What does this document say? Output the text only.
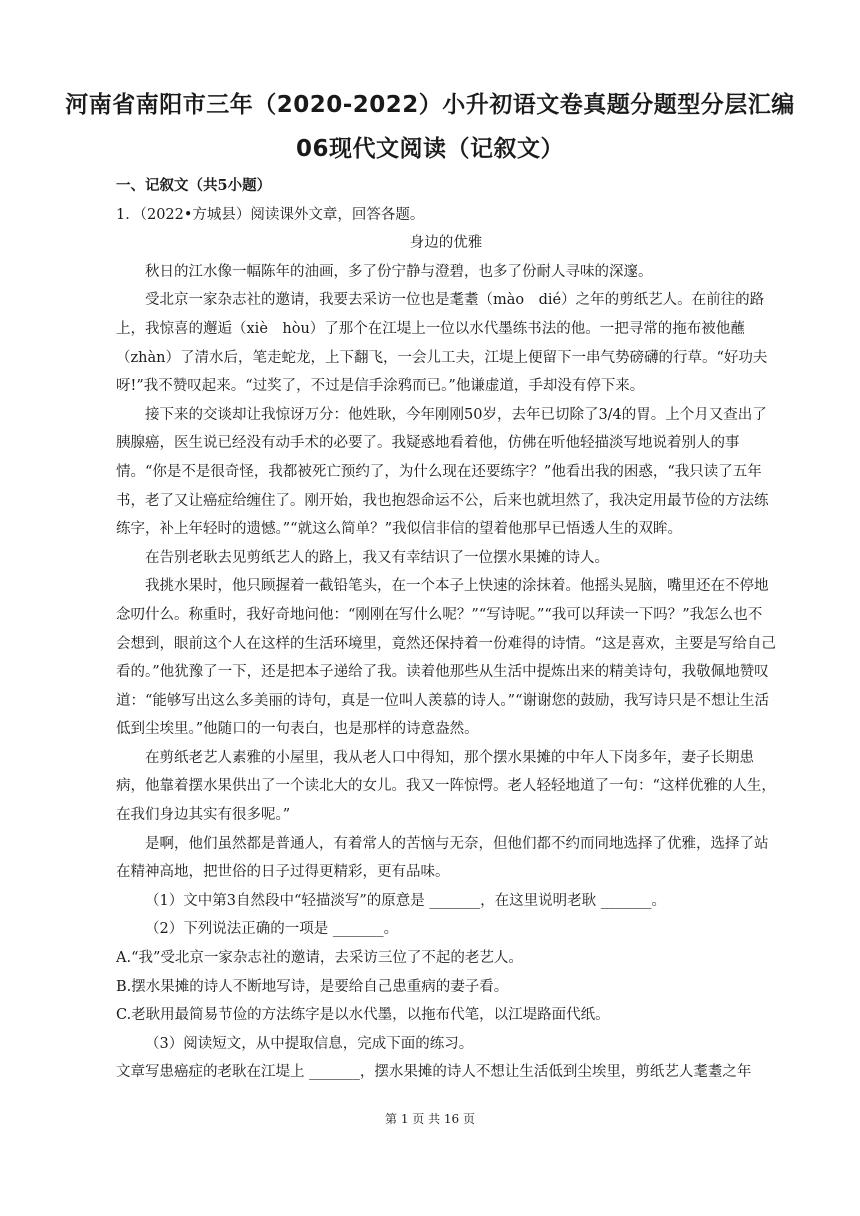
河南省南阳市三年（2020-2022）小升初语文卷真题分题型分层汇编
06现代文阅读（记叙文）

一、记叙文（共5小题）

1．（2022•方城县）阅读课外文章，回答各题。

身边的优雅

秋日的江水像一幅陈年的油画，多了份宁静与澄碧，也多了份耐人寻味的深邃。

受北京一家杂志社的邀请，我要去采访一位也是耄耋（mào　dié）之年的剪纸艺人。在前往的路上，我惊喜的邂逅（xiè　hòu）了那个在江堤上一位以水代墨练书法的他。一把寻常的拖布被他蘸（zhàn）了清水后，笔走蛇龙，上下翻飞，一会儿工夫，江堤上便留下一串气势磅礴的行草。“好功夫呀!”我不赞叹起来。“过奖了，不过是信手涂鸦而已。”他谦虚道，手却没有停下来。

接下来的交谈却让我惊讶万分：他姓耿，今年刚刚50岁，去年已切除了3/4的胃。上个月又查出了胰腺癌，医生说已经没有动手术的必要了。我疑惑地看着他，仿佛在听他轻描淡写地说着别人的事情。“你是不是很奇怪，我都被死亡预约了，为什么现在还要练字？”他看出我的困惑，“我只读了五年书，老了又让癌症给缠住了。刚开始，我也抱怨命运不公，后来也就坦然了，我决定用最节俭的方法练练字，补上年轻时的遗憾。”“就这么简单？”我似信非信的望着他那早已悟透人生的双眸。

在告别老耿去见剪纸艺人的路上，我又有幸结识了一位摆水果摊的诗人。

我挑水果时，他只顾握着一截铅笔头，在一个本子上快速的涂抹着。他摇头晃脑，嘴里还在不停地念叨什么。称重时，我好奇地问他：“刚刚在写什么呢？”“写诗呢。”“我可以拜读一下吗？”我怎么也不会想到，眼前这个人在这样的生活环境里，竟然还保持着一份难得的诗情。“这是喜欢，主要是写给自己看的。”他犹豫了一下，还是把本子递给了我。读着他那些从生活中提炼出来的精美诗句，我敬佩地赞叹道：“能够写出这么多美丽的诗句，真是一位叫人羡慕的诗人。”“谢谢您的鼓励，我写诗只是不想让生活低到尘埃里。”他随口的一句表白，也是那样的诗意盎然。

在剪纸老艺人素雅的小屋里，我从老人口中得知，那个摆水果摊的中年人下岗多年，妻子长期患病，他靠着摆水果供出了一个读北大的女儿。我又一阵惊愕。老人轻轻地道了一句：“这样优雅的人生，在我们身边其实有很多呢。”

是啊，他们虽然都是普通人，有着常人的苦恼与无奈，但他们都不约而同地选择了优雅，选择了站在精神高地，把世俗的日子过得更精彩，更有品味。

（1）文中第3自然段中“轻描淡写”的原意是 _______，在这里说明老耿 _______。

（2）下列说法正确的一项是 _______。

A.“我”受北京一家杂志社的邀请，去采访三位了不起的老艺人。

B.摆水果摊的诗人不断地写诗，是要给自己患重病的妻子看。

C.老耿用最简易节俭的方法练字是以水代墨，以拖布代笔，以江堤路面代纸。

（3）阅读短文，从中提取信息，完成下面的练习。

文章写患癌症的老耿在江堤上 _______，摆水果摊的诗人不想让生活低到尘埃里，剪纸艺人耄耋之年

第 1 页 共 16 页
